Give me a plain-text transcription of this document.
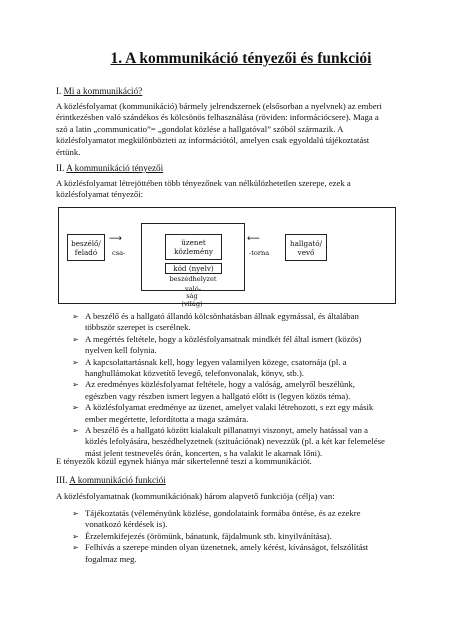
1. A kommunikáció tényezői és funkciói
I. Mi a kommunikáció?

A közlésfolyamat (kommunikáció) bármely jelrendszernek (elsősorban a nyelvnek) az emberi

érintkezésben való szándékos és kölcsönös felhasználása (röviden: információcsere). Maga a

szó a latin „communicatio”= „gondolat közlése a hallgatóval” szóból származik. A

közlésfolyamatot megkülönbözteti az információtól, amelyen csak egyoldalú tájékoztatást

értünk.

II. A kommunikáció tényezői

A közlésfolyamat létrejöttében több tényezőnek van nélkülözhetetlen szerepe, ezek a

közlésfolyamat tényezői:

beszélő/
feladó
⟶
csa-
üzenet
közlemény
kód (nyelv)
beszédhelyzet
⟵
-torna
hallgató/
vevő
való-
ság
(világ)
➢ A beszélő és a hallgató állandó kölcsönhatásban állnak egymással, és általában

többször szerepet is cserélnek.

➢ A megértés feltétele, hogy a közlésfolyamatnak mindkét fél által ismert (közös)

nyelven kell folynia.

➢ A kapcsolattartásnak kell, hogy legyen valamilyen közege, csatornája (pl. a

hanghullámokat közvetítő levegő, telefonvonalak, könyv, stb.).

➢ Az eredményes közlésfolyamat feltétele, hogy a valóság, amelyről beszélünk,

egészben vagy részben ismert legyen a hallgató előtt is (legyen közös téma).

➢ A közlésfolyamat eredménye az üzenet, amelyet valaki létrehozott, s ezt egy másik

ember megértette, lefordította a maga számára.

➢ A beszélő és a hallgató között kialakult pillanatnyi viszonyt, amely hatással van a

közlés lefolyására, beszédhelyzetnek (szituációnak) nevezzük (pl. a két kar felemelése

mást jelent testnevelés órán, koncerten, s ha valakit le akarnak lőni).

E tényezők közül egynek hiánya már sikertelenné teszi a kommunikációt.

III. A kommunikáció funkciói

A közlésfolyamatnak (kommunikációnak) három alapvető funkciója (célja) van:

➢ Tájékoztatás (véleményünk közlése, gondolataink formába öntése, és az ezekre

vonatkozó kérdések is).

➢ Érzelemkifejezés (örömünk, bánatunk, fájdalmunk stb. kinyilvánítása).

➢ Felhívás a szerepe minden olyan üzenetnek, amely kérést, kívánságot, felszólítást

fogalmaz meg.
